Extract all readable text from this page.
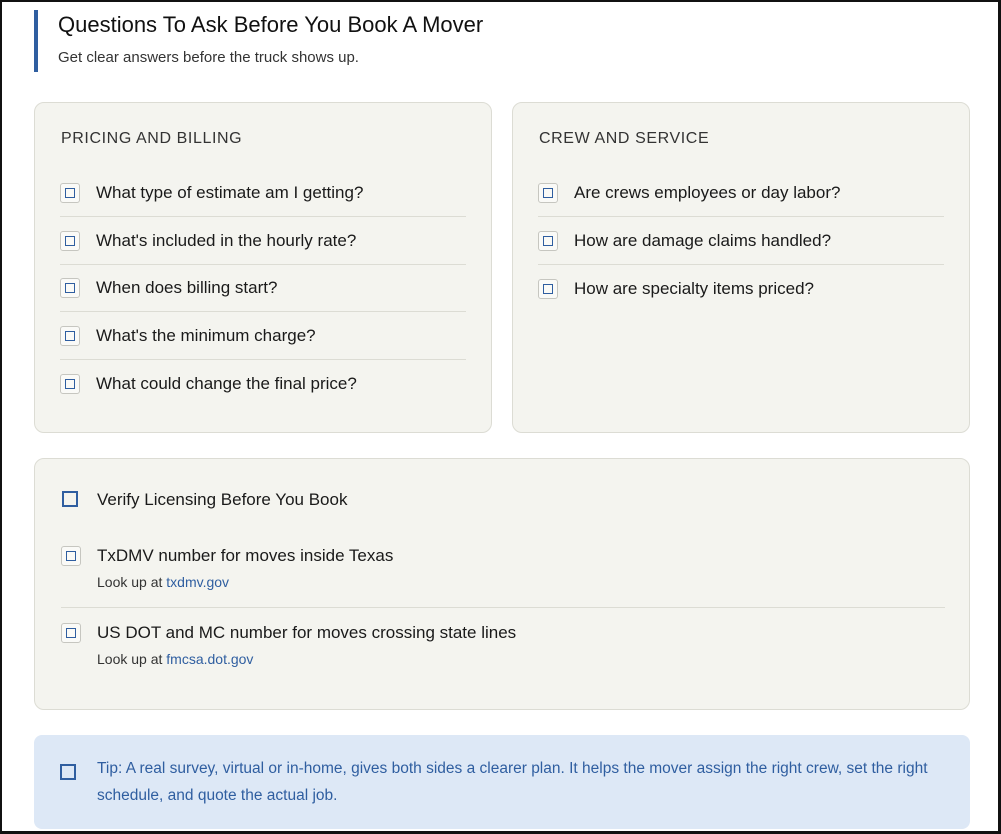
Questions To Ask Before You Book A Mover

Get clear answers before the truck shows up.

PRICING AND BILLING
What type of estimate am I getting?
What's included in the hourly rate?
When does billing start?
What's the minimum charge?
What could change the final price?
CREW AND SERVICE
Are crews employees or day labor?
How are damage claims handled?
How are specialty items priced?
Verify Licensing Before You Book
TxDMV number for moves inside Texas
Look up at txdmv.gov
US DOT and MC number for moves crossing state lines
Look up at fmcsa.dot.gov
Tip: A real survey, virtual or in-home, gives both sides a clearer plan. It helps the mover assign the right crew, set the right schedule, and quote the actual job.
